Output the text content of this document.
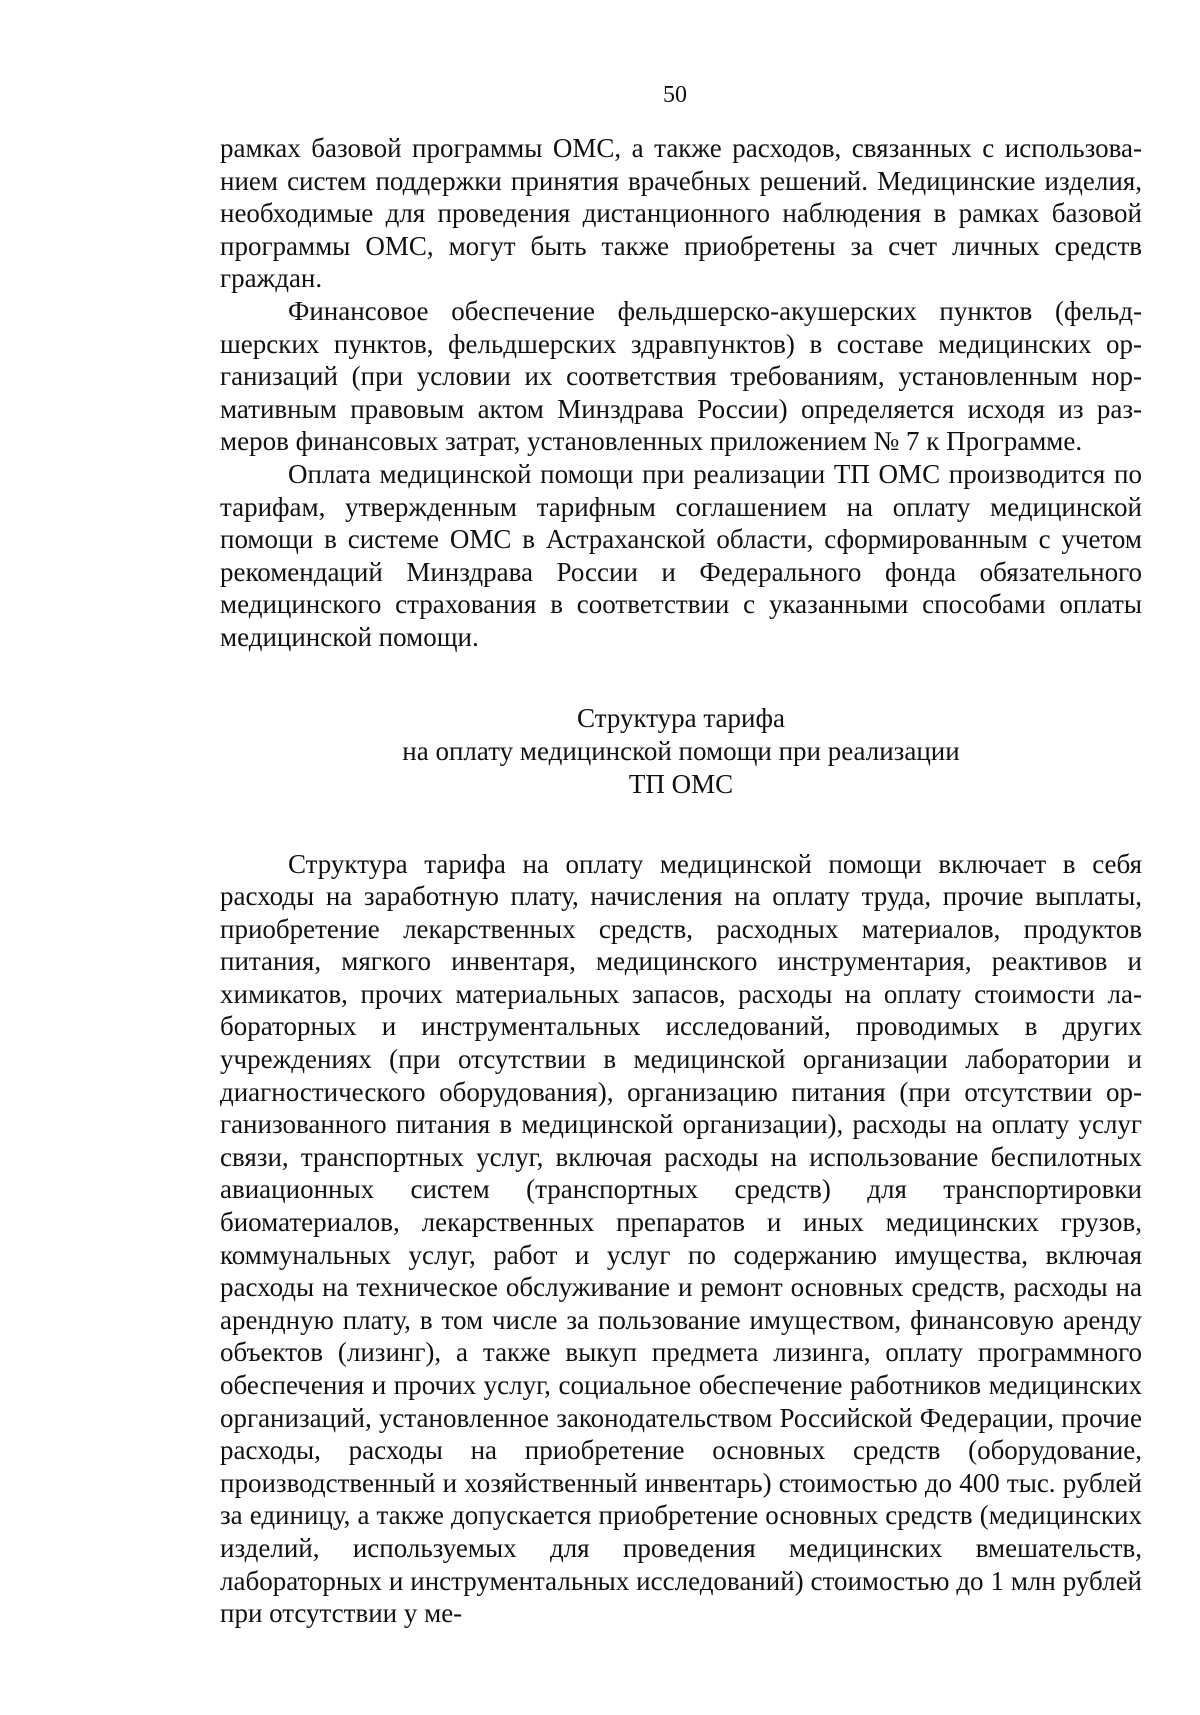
50

рамках базовой программы ОМС, а также расходов, связанных с использованием систем поддержки принятия врачебных решений. Медицинские изделия, необходимые для проведения дистанционного наблюдения в рамках базовой программы ОМС, могут быть также приобретены за счет личных средств граждан.

Финансовое обеспечение фельдшерско-акушерских пунктов (фельдшерских пунктов, фельдшерских здравпунктов) в составе медицинских организаций (при условии их соответствия требованиям, установленным нормативным правовым актом Минздрава России) определяется исходя из размеров финансовых затрат, установленных приложением № 7 к Программе.

Оплата медицинской помощи при реализации ТП ОМС производится по тарифам, утвержденным тарифным соглашением на оплату медицинской помощи в системе ОМС в Астраханской области, сформированным с учетом рекомендаций Минздрава России и Федерального фонда обязательного медицинского страхования в соответствии с указанными способами оплаты медицинской помощи.

Структура тарифа
на оплату медицинской помощи при реализации
ТП ОМС

Структура тарифа на оплату медицинской помощи включает в себя расходы на заработную плату, начисления на оплату труда, прочие выплаты, приобретение лекарственных средств, расходных материалов, продуктов питания, мягкого инвентаря, медицинского инструментария, реактивов и химикатов, прочих материальных запасов, расходы на оплату стоимости лабораторных и инструментальных исследований, проводимых в других учреждениях (при отсутствии в медицинской организации лаборатории и диагностического оборудования), организацию питания (при отсутствии организованного питания в медицинской организации), расходы на оплату услуг связи, транспортных услуг, включая расходы на использование беспилотных авиационных систем (транспортных средств) для транспортировки биоматериалов, лекарственных препаратов и иных медицинских грузов, коммунальных услуг, работ и услуг по содержанию имущества, включая расходы на техническое обслуживание и ремонт основных средств, расходы на арендную плату, в том числе за пользование имуществом, финансовую аренду объектов (лизинг), а также выкуп предмета лизинга, оплату программного обеспечения и прочих услуг, социальное обеспечение работников медицинских организаций, установленное законодательством Российской Федерации, прочие расходы, расходы на приобретение основных средств (оборудование, производственный и хозяйственный инвентарь) стоимостью до 400 тыс. рублей за единицу, а также допускается приобретение основных средств (медицинских изделий, используемых для проведения медицинских вмешательств, лабораторных и инструментальных исследований) стоимостью до 1 млн рублей при отсутствии у ме-
